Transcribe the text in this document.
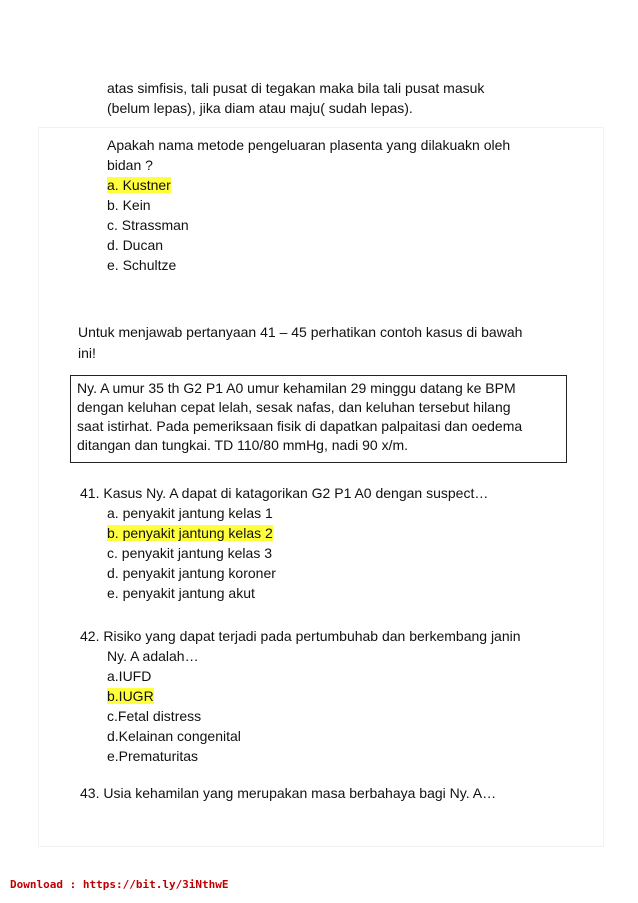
atas simfisis, tali pusat di tegakan maka bila tali pusat masuk
(belum lepas), jika diam atau maju( sudah lepas).
Apakah nama metode pengeluaran plasenta yang dilakuakn oleh
bidan ?
a. Kustner
b. Kein
c. Strassman
d. Ducan
e. Schultze
Untuk menjawab pertanyaan 41 – 45 perhatikan contoh kasus di bawah
ini!
Ny. A umur 35 th G2 P1 A0 umur kehamilan 29 minggu datang ke BPM
dengan keluhan cepat lelah, sesak nafas, dan keluhan tersebut hilang
saat istirhat. Pada pemeriksaan fisik di dapatkan palpaitasi dan oedema
ditangan dan tungkai. TD 110/80 mmHg, nadi 90 x/m.
41. Kasus Ny. A dapat di katagorikan G2 P1 A0 dengan suspect…
a. penyakit jantung kelas 1
b. penyakit jantung kelas 2
c. penyakit jantung kelas 3
d. penyakit jantung koroner
e. penyakit jantung akut
42. Risiko yang dapat terjadi pada pertumbuhab dan berkembang janin
Ny. A adalah…
a.IUFD
b.IUGR
c.Fetal distress
d.Kelainan congenital
e.Prematuritas
43. Usia kehamilan yang merupakan masa berbahaya bagi Ny. A…
Download : https://bit.ly/3iNthwE
